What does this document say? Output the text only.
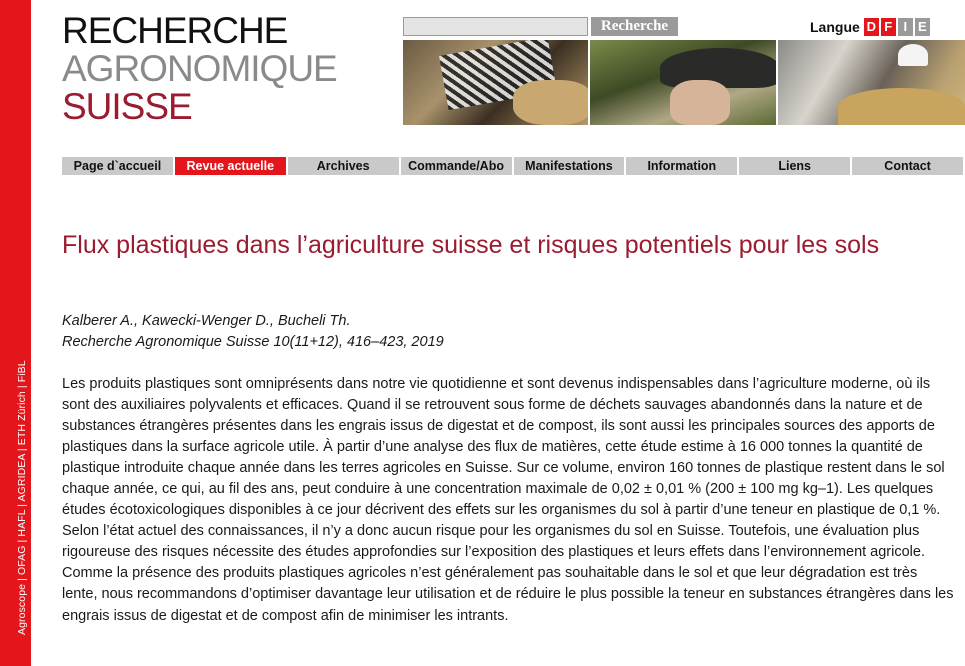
Agroscope | OFAG | HAFL | AGRIDEA | ETH Zürich | FiBL
RECHERCHE
AGRONOMIQUE
SUISSE
Recherche	Langue D F I E
Page d`accueil	Revue actuelle	Archives	Commande/Abo	Manifestations	Information	Liens	Contact
Flux plastiques dans l’agriculture suisse et risques potentiels pour les sols
Kalberer A., Kawecki-Wenger D., Bucheli Th.
Recherche Agronomique Suisse 10(11+12), 416–423, 2019

Les produits plastiques sont omniprésents dans notre vie quotidienne et sont devenus indispensables dans l’agriculture moderne, où ils sont des auxiliaires polyvalents et efficaces. Quand il se retrouvent sous forme de déchets sauvages abandonnés dans la nature et de substances étrangères présentes dans les engrais issus de digestat et de compost, ils sont aussi les principales sources des apports de plastiques dans la surface agricole utile. À partir d’une analyse des flux de matières, cette étude estime à 16 000 tonnes la quantité de plastique introduite chaque année dans les terres agricoles en Suisse. Sur ce volume, environ 160 tonnes de plastique restent dans le sol chaque année, ce qui, au fil des ans, peut conduire à une concentration maximale de 0,02 ± 0,01 % (200 ± 100 mg kg–1). Les quelques études écotoxicologiques disponibles à ce jour décrivent des effets sur les organismes du sol à partir d’une teneur en plastique de 0,1 %. Selon l’état actuel des connaissances, il n’y a donc aucun risque pour les organismes du sol en Suisse. Toutefois, une évaluation plus rigoureuse des risques nécessite des études approfondies sur l’exposition des plastiques et leurs effets dans l’environnement agricole. Comme la présence des produits plastiques agricoles n’est généralement pas souhaitable dans le sol et que leur dégradation est très lente, nous recommandons d’optimiser davantage leur utilisation et de réduire le plus possible la teneur en substances étrangères dans les engrais issus de digestat et de compost afin de minimiser les intrants.
